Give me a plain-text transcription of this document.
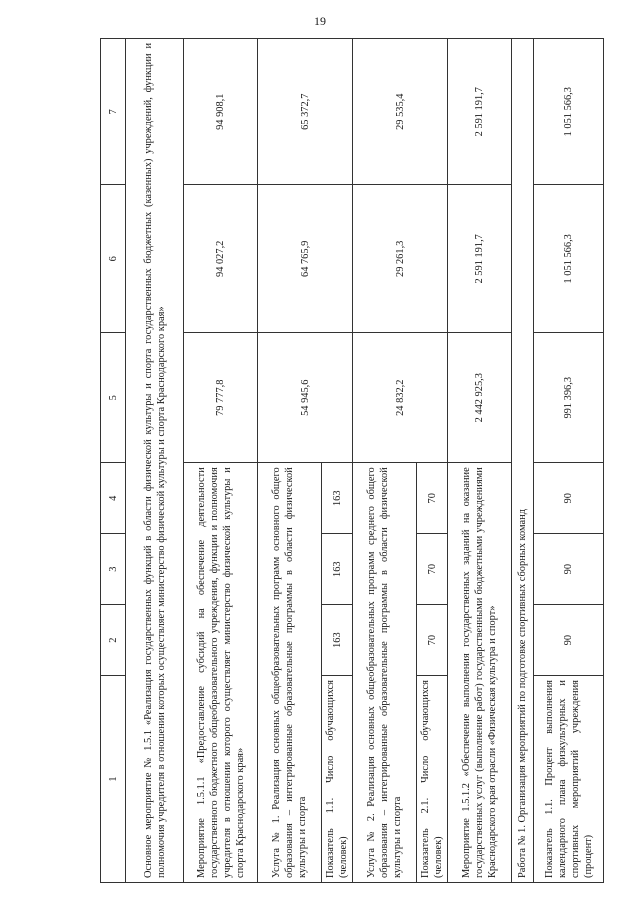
19
1	2	3	4	5	6	7
Основное мероприятие № 1.5.1 «Реализация государственных функций в области физической культуры и спорта государственных бюджетных (казенных) учреждений, функции и полномочия учредителя в отношении которых осуществляет министерство физической культуры и спорта Краснодарского края»						
Мероприятие 1.5.1.1 «Предоставление субсидий на обеспечение деятельности государственного бюджетного общеобразовательного учреждения, функции и полномочия учредителя в отношении которого осуществляет министерство физической культуры и спорта Краснодарского края»				79 777,8	94 027,2	94 908,1
Услуга № 1. Реализация основных общеобразовательных программ основного общего образования – интегрированные образовательные программы в области физической культуры и спорта				54 945,6	64 765,9	65 372,7
Показатель 1.1. Число обучающихся (человек)	163	163	163			
Услуга № 2. Реализация основных общеобразовательных программ среднего общего образования – интегрированные образовательные программы в области физической культуры и спорта				24 832,2	29 261,3	29 535,4
Показатель 2.1. Число обучающихся (человек)	70	70	70			
Мероприятие 1.5.1.2 «Обеспечение выполнения государственных заданий на оказание государственных услуг (выполнение работ) государственными бюджетными учреждениями Краснодарского края отрасли «Физическая культура и спорт»				2 442 925,3	2 591 191,7	2 591 191,7
Работа № 1. Организация мероприятий по подготовке спортивных сборных команд						
Показатель 1.1. Процент выполнения календарного плана физкультурных и спортивных мероприятий учреждения (процент)	90	90	90	991 396,3	1 051 566,3	1 051 566,3
